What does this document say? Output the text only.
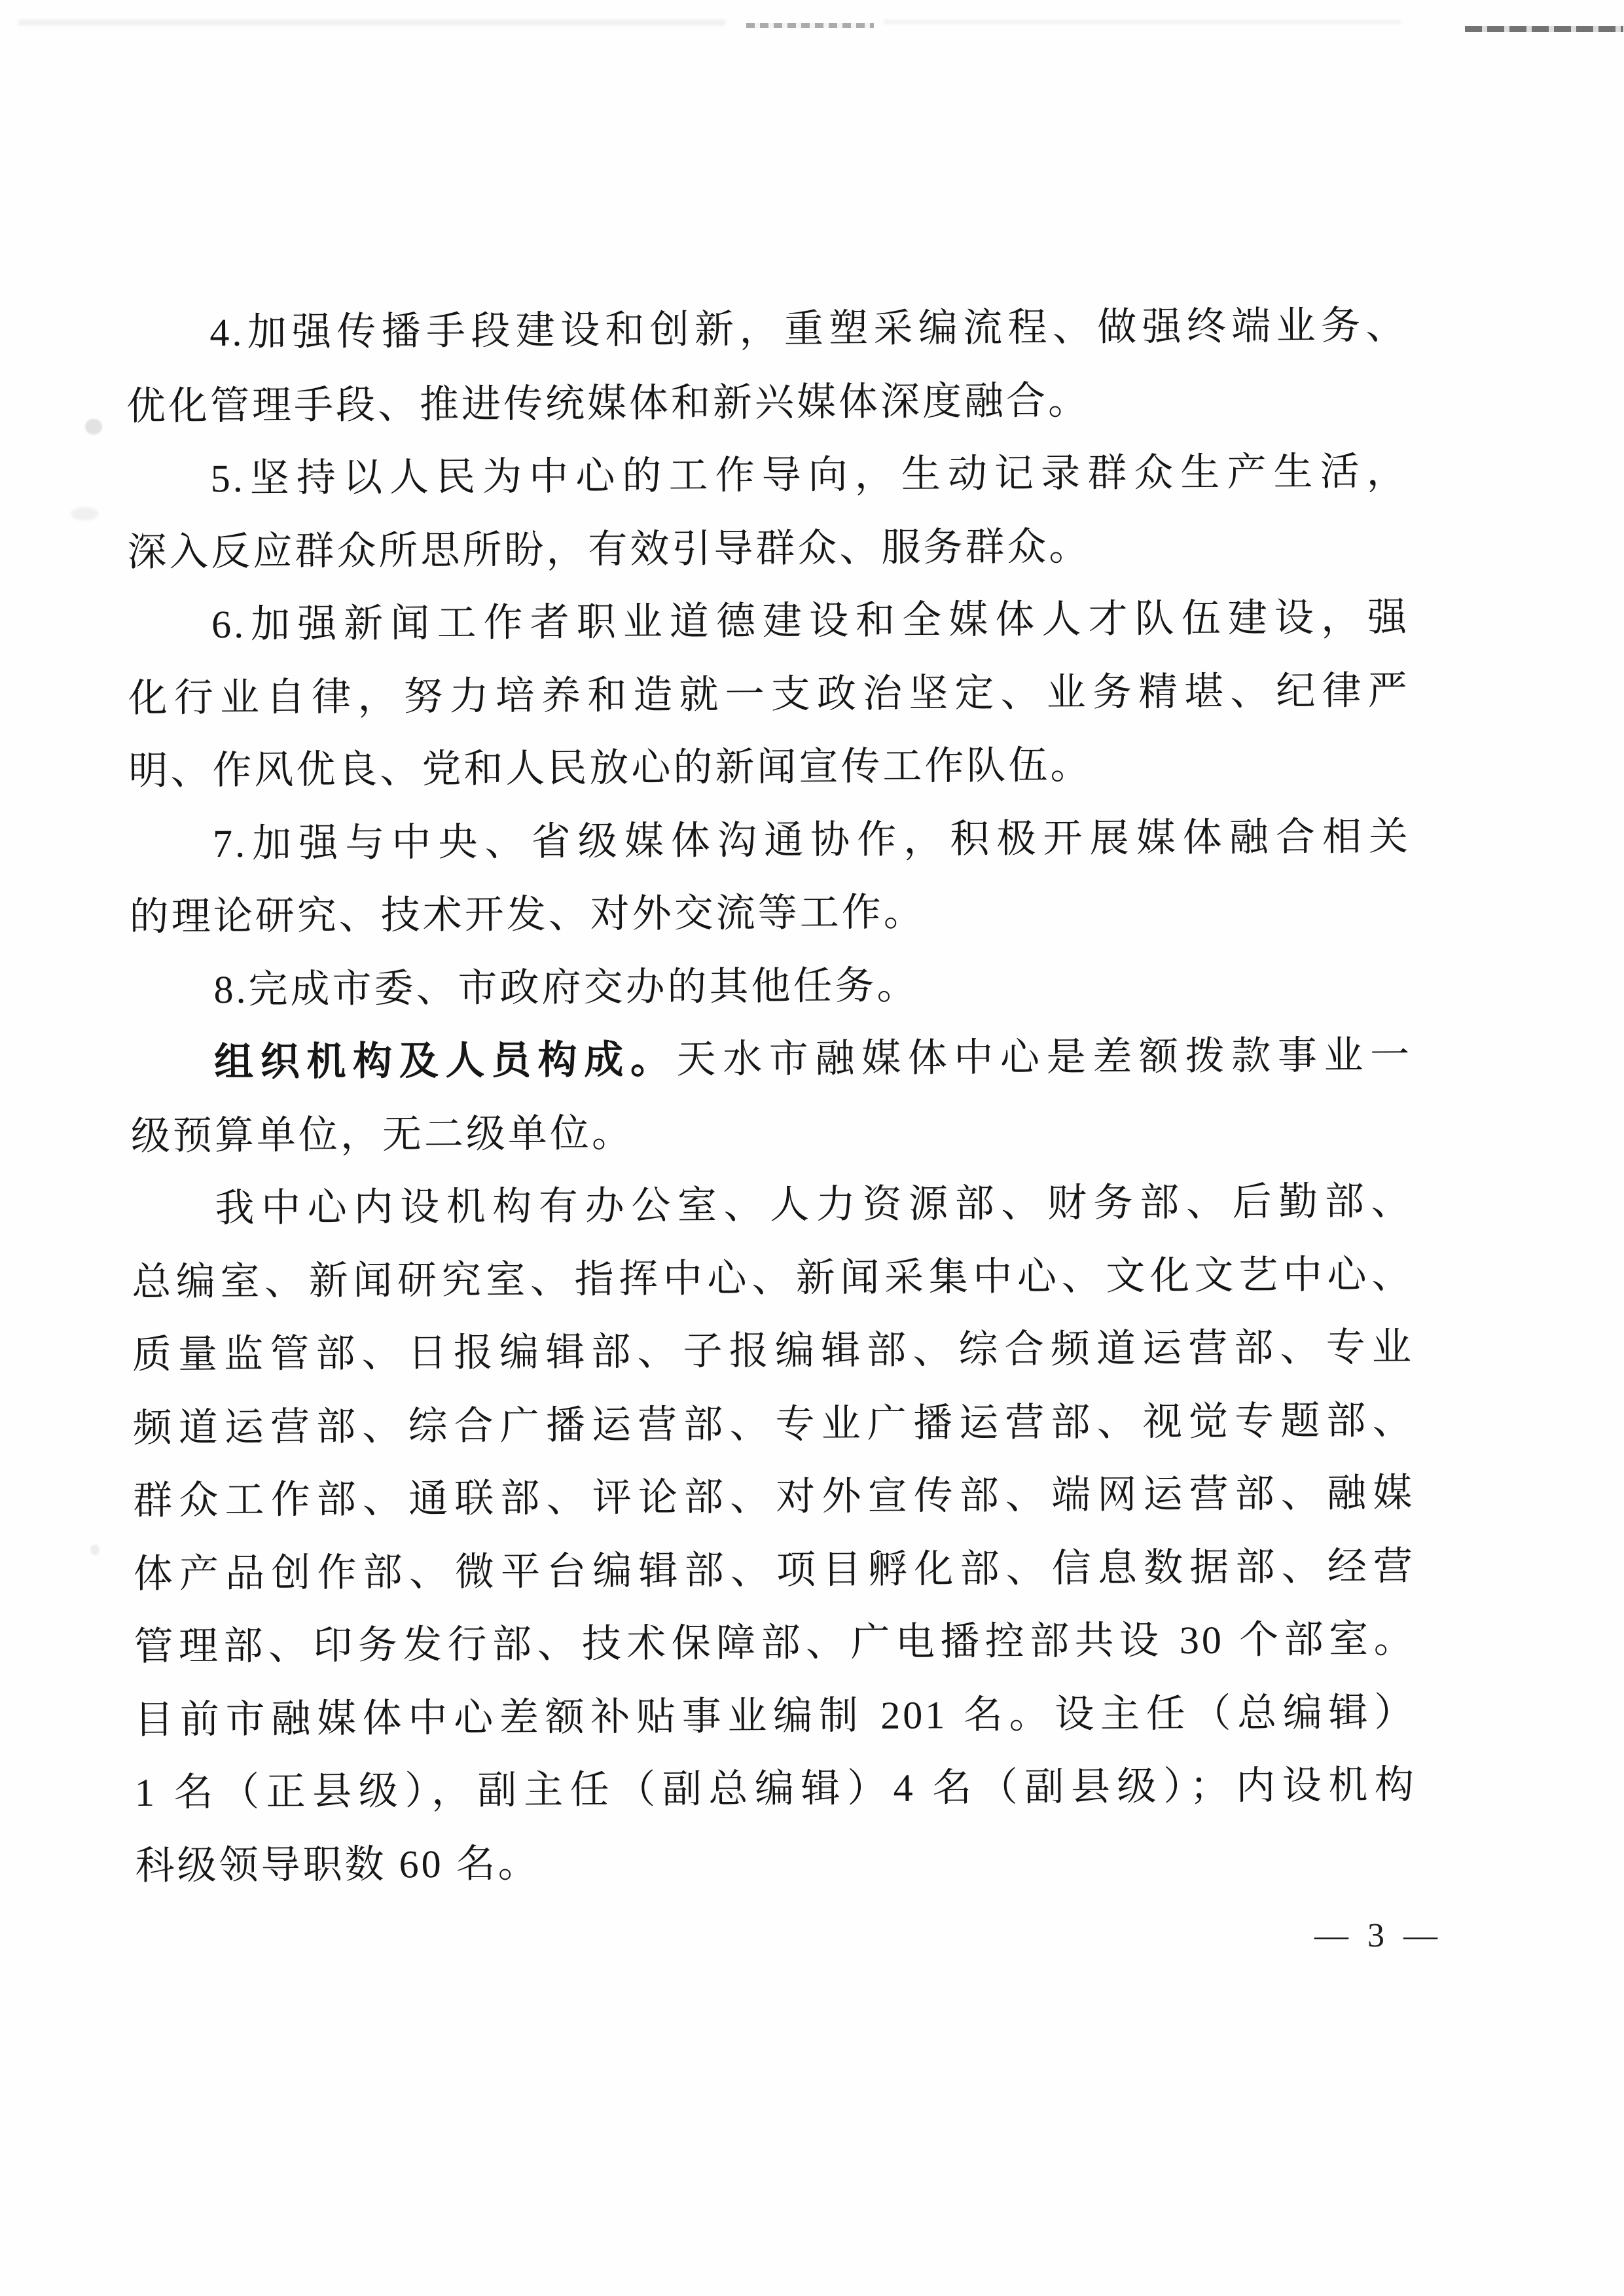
4.加强传播手段建设和创新，重塑采编流程、做强终端业务、
优化管理手段、推进传统媒体和新兴媒体深度融合。
5.坚持以人民为中心的工作导向，生动记录群众生产生活，
深入反应群众所思所盼，有效引导群众、服务群众。
6.加强新闻工作者职业道德建设和全媒体人才队伍建设，强
化行业自律，努力培养和造就一支政治坚定、业务精堪、纪律严
明、作风优良、党和人民放心的新闻宣传工作队伍。
7.加强与中央、省级媒体沟通协作，积极开展媒体融合相关
的理论研究、技术开发、对外交流等工作。
8.完成市委、市政府交办的其他任务。
组织机构及人员构成。天水市融媒体中心是差额拨款事业一
级预算单位，无二级单位。
我中心内设机构有办公室、人力资源部、财务部、后勤部、
总编室、新闻研究室、指挥中心、新闻采集中心、文化文艺中心、
质量监管部、日报编辑部、子报编辑部、综合频道运营部、专业
频道运营部、综合广播运营部、专业广播运营部、视觉专题部、
群众工作部、通联部、评论部、对外宣传部、端网运营部、融媒
体产品创作部、微平台编辑部、项目孵化部、信息数据部、经营
管理部、印务发行部、技术保障部、广电播控部共设 30 个部室。
目前市融媒体中心差额补贴事业编制 201 名。设主任（总编辑）
1 名（正县级），副主任（副总编辑）4 名（副县级）；内设机构
科级领导职数 60 名。
— 3 —
